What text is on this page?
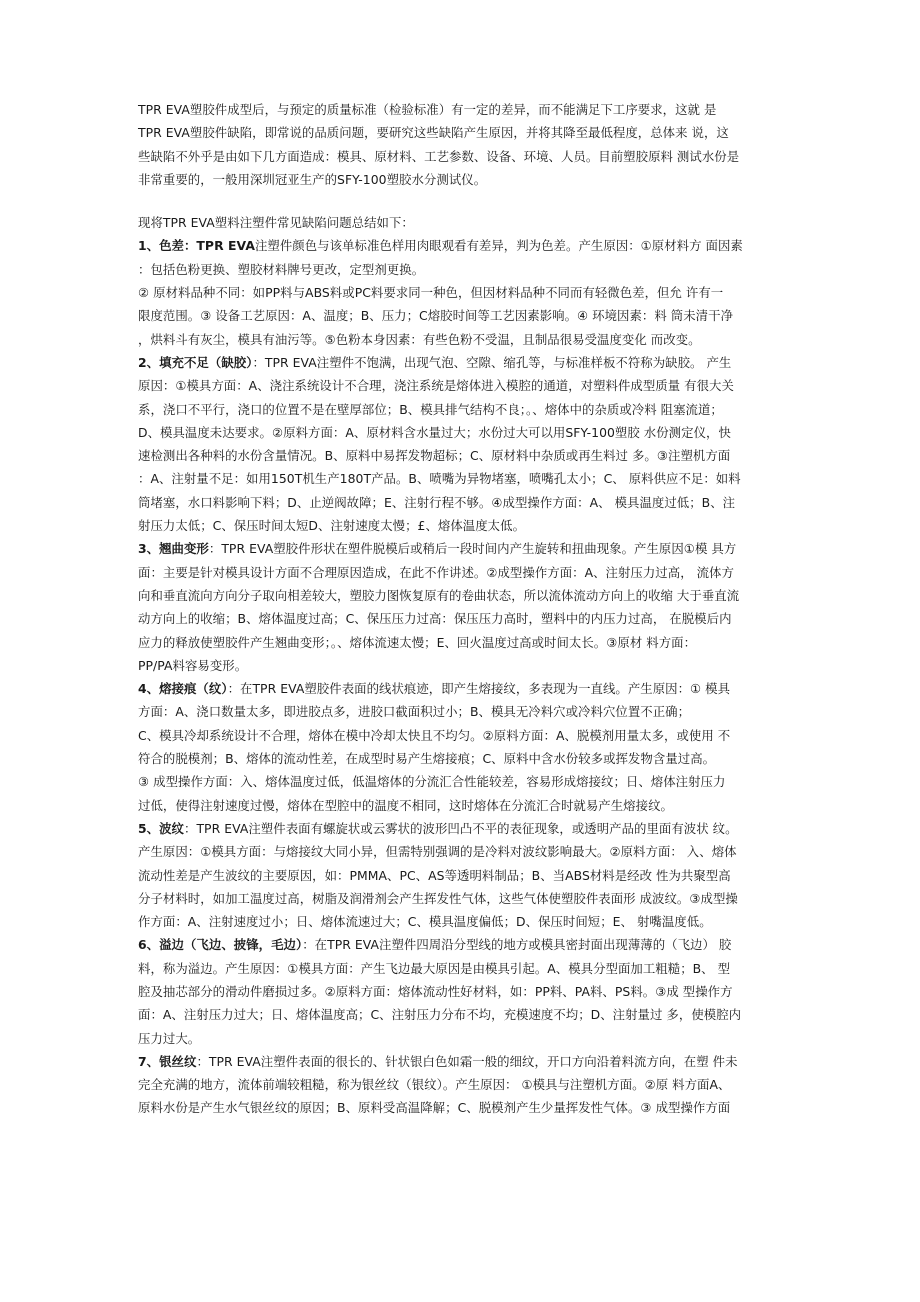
TPR EVA塑胶件成型后，与预定的质量标准（检验标准）有一定的差异，而不能满足下工序要求，这就 是
TPR EVA塑胶件缺陷，即常说的品质问题，要研究这些缺陷产生原因，并将其降至最低程度，总体来 说，这
些缺陷不外乎是由如下几方面造成：模具、原材料、工艺参数、设备、环境、人员。目前塑胶原料 测试水份是
非常重要的，一般用深圳冠亚生产的SFY-100塑胶水分测试仪。
现将TPR EVA塑料注塑件常见缺陷问题总结如下：
1、色差：TPR EVA注塑件颜色与该单标准色样用肉眼观看有差异，判为色差。产生原因：①原材料方 面因素
：包括色粉更换、塑胶材料牌号更改，定型剂更换。
② 原材料品种不同：如PP料与ABS料或PC料要求同一种色，但因材料品种不同而有轻微色差，但允 许有一
限度范围。③ 设备工艺原因：A、温度；B、压力；C熔胶时间等工艺因素影响。④ 环境因素：料 筒未清干净
，烘料斗有灰尘，模具有油污等。⑤色粉本身因素：有些色粉不受温，且制品很易受温度变化 而改变。
2、填充不足（缺胶）：TPR EVA注塑件不饱满，出现气泡、空隙、缩孔等，与标准样板不符称为缺胶。 产生
原因：①模具方面：A、浇注系统设计不合理，浇注系统是熔体进入模腔的通道，对塑料件成型质量 有很大关
系，浇口不平行，浇口的位置不是在壁厚部位；B、模具排气结构不良；。、熔体中的杂质或冷料 阻塞流道；
D、模具温度未达要求。②原料方面：A、原材料含水量过大；水份过大可以用SFY-100塑胶 水份测定仪，快
速检测出各种料的水份含量情况。B、原料中易挥发物超标；C、原材料中杂质或再生料过 多。③注塑机方面
：A、注射量不足：如用150T机生产180T产品。B、喷嘴为异物堵塞，喷嘴孔太小；C、 原料供应不足：如料
筒堵塞，水口料影响下料；D、止逆阀故障；E、注射行程不够。④成型操作方面：A、 模具温度过低；B、注
射压力太低；C、保压时间太短D、注射速度太慢；£、熔体温度太低。
3、翘曲变形：TPR EVA塑胶件形状在塑件脱模后或稍后一段时间内产生旋转和扭曲现象。产生原因①模 具方
面：主要是针对模具设计方面不合理原因造成，在此不作讲述。②成型操作方面：A、注射压力过高， 流体方
向和垂直流向方向分子取向相差较大，塑胶力图恢复原有的卷曲状态，所以流体流动方向上的收缩 大于垂直流
动方向上的收缩；B、熔体温度过高；C、保压压力过高：保压压力高时，塑料中的内压力过高， 在脱模后内
应力的释放使塑胶件产生翘曲变形；。、熔体流速太慢；E、回火温度过高或时间太长。③原材 料方面：
PP/PA料容易变形。
4、熔接痕（纹）：在TPR EVA塑胶件表面的线状痕迹，即产生熔接纹，多表现为一直线。产生原因：① 模具
方面：A、浇口数量太多，即进胶点多，进胶口截面积过小；B、模具无冷料穴或冷料穴位置不正确；
C、模具冷却系统设计不合理，熔体在模中冷却太快且不均匀。②原料方面：A、脱模剂用量太多，或使用 不
符合的脱模剂；B、熔体的流动性差，在成型时易产生熔接痕；C、原料中含水份较多或挥发物含量过高。
③ 成型操作方面：入、熔体温度过低，低温熔体的分流汇合性能较差，容易形成熔接纹；日、熔体注射压力
过低，使得注射速度过慢，熔体在型腔中的温度不相同，这时熔体在分流汇合时就易产生熔接纹。
5、波纹：TPR EVA注塑件表面有螺旋状或云雾状的波形凹凸不平的表征现象，或透明产品的里面有波状 纹。
产生原因：①模具方面：与熔接纹大同小异，但需特别强调的是冷料对波纹影响最大。②原料方面： 入、熔体
流动性差是产生波纹的主要原因，如：PMMA、PC、AS等透明料制品；B、当ABS材料是经改 性为共聚型高
分子材料时，如加工温度过高，树脂及润滑剂会产生挥发性气体，这些气体使塑胶件表面形 成波纹。③成型操
作方面：A、注射速度过小；日、熔体流速过大；C、模具温度偏低；D、保压时间短；E、 射嘴温度低。
6、溢边（飞边、披锋，毛边）：在TPR EVA注塑件四周沿分型线的地方或模具密封面出现薄薄的（飞边） 胶
料，称为溢边。产生原因：①模具方面：产生飞边最大原因是由模具引起。A、模具分型面加工粗糙；B、 型
腔及抽芯部分的滑动件磨损过多。②原料方面：熔体流动性好材料，如：PP料、PA料、PS料。③成 型操作方
面：A、注射压力过大；日、熔体温度高；C、注射压力分布不均，充模速度不均；D、注射量过 多，使模腔内
压力过大。
7、银丝纹：TPR EVA注塑件表面的很长的、针状银白色如霜一般的细纹，开口方向沿着料流方向，在塑 件未
完全充满的地方，流体前端较粗糙，称为银丝纹（银纹）。产生原因： ①模具与注塑机方面。②原 料方面A、
原料水份是产生水气银丝纹的原因；B、原料受高温降解；C、脱模剂产生少量挥发性气体。③ 成型操作方面
